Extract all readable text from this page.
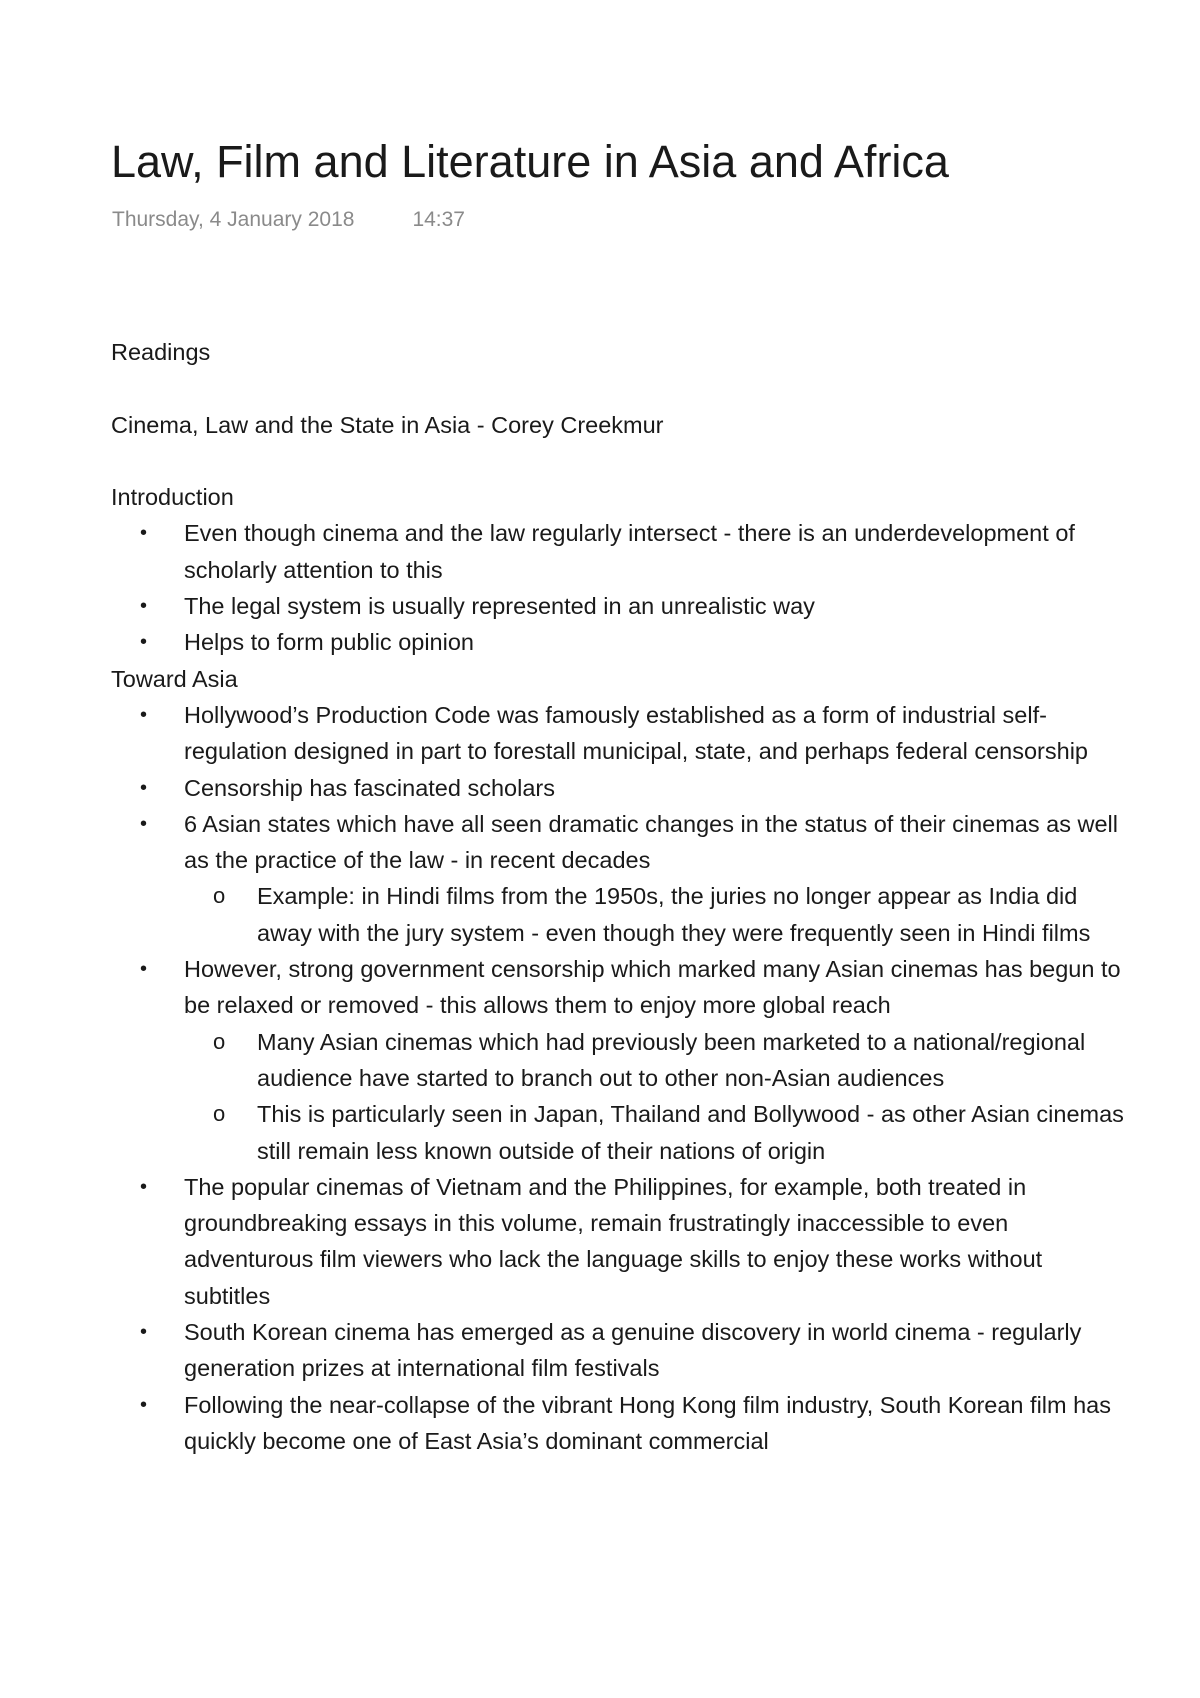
Law, Film and Literature in Asia and Africa
Thursday, 4 January 2018	14:37
Readings
Cinema, Law and the State in Asia - Corey Creekmur
Introduction
• Even though cinema and the law regularly intersect - there is an underdevelopment of scholarly attention to this
• The legal system is usually represented in an unrealistic way
• Helps to form public opinion
Toward Asia
• Hollywood’s Production Code was famously established as a form of industrial self-regulation designed in part to forestall municipal, state, and perhaps federal censorship
• Censorship has fascinated scholars
• 6 Asian states which have all seen dramatic changes in the status of their cinemas as well as the practice of the law - in recent decades
o Example: in Hindi films from the 1950s, the juries no longer appear as India did away with the jury system - even though they were frequently seen in Hindi films
• However, strong government censorship which marked many Asian cinemas has begun to be relaxed or removed - this allows them to enjoy more global reach
o Many Asian cinemas which had previously been marketed to a national/regional audience have started to branch out to other non-Asian audiences
o This is particularly seen in Japan, Thailand and Bollywood - as other Asian cinemas still remain less known outside of their nations of origin
• The popular cinemas of Vietnam and the Philippines, for example, both treated in groundbreaking essays in this volume, remain frustratingly inaccessible to even adventurous film viewers who lack the language skills to enjoy these works without subtitles
• South Korean cinema has emerged as a genuine discovery in world cinema - regularly generation prizes at international film festivals
• Following the near-collapse of the vibrant Hong Kong film industry, South Korean film has quickly become one of East Asia’s dominant commercial
